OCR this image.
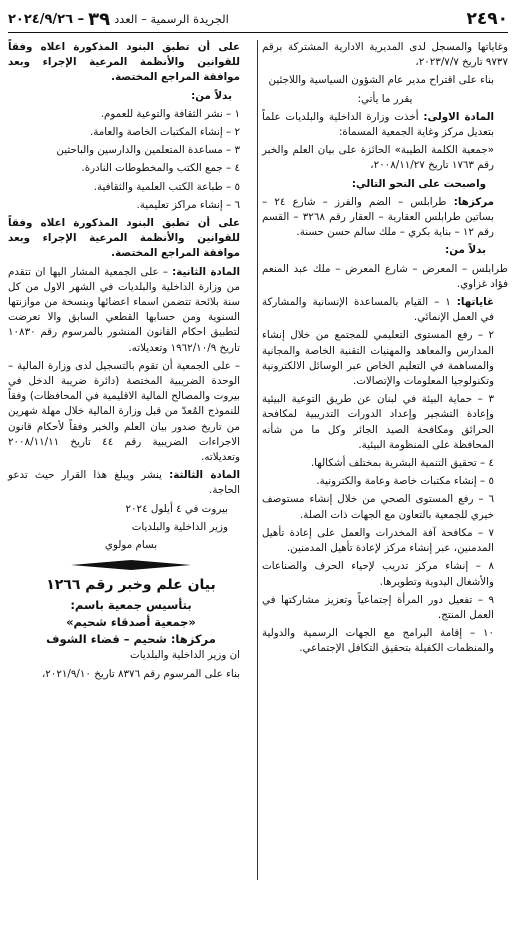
٢٤٩٠
الجريدة الرسمية – العدد
٣٩
– ٢٠٢٤/٩/٢٦

وغاياتها والمسجل لدى المديرية الادارية المشتركة برقم ٩٧٣٧ تاريخ ٢٠٢٣/٧/٧،

بناء على اقتراح مدير عام الشؤون السياسية واللاجئين

يقرر ما يأتي:

المادة الاولى: أخذت وزارة الداخلية والبلديات علماً بتعديل مركز وغاية الجمعية المسماة:

«جمعية الكلمة الطيبة» الحائزة على بيان العلم والخبر رقم ١٧٦٣ تاريخ ٢٠٠٨/١١/٢٧،

واصبحت على النحو التالي:

مركزها: طرابلس – الضم والفرز – شارع ٢٤ – بساتين طرابلس العقارية – العقار رقم ٣٢٦٨ – القسم رقم ١٢ – بناية بكري – ملك سالم حسن حسنة.

بدلاً من:

طرابلس – المعرض – شارع المعرض – ملك عبد المنعم فؤاد غزاوي.

غاياتها: ١ – القيام بالمساعدة الإنسانية والمشاركة في العمل الإنمائي.

٢ – رفع المستوى التعليمي للمجتمع من خلال إنشاء المدارس والمعاهد والمهنيات التقنية الخاصة والمجانية والمساهمة في التعليم الخاص عبر الوسائل الالكترونية وتكنولوجيا المعلومات والإتصالات.

٣ – حماية البيئة في لبنان عن طريق التوعية البيئية وإعادة التشجير وإعداد الدورات التدريبية لمكافحة الحرائق ومكافحة الصيد الجائر وكل ما من شأنه المحافظة على المنظومة البيئية.

٤ – تحقيق التنمية البشرية بمختلف أشكالها.

٥ – إنشاء مكتبات خاصة وعامة والكترونية.

٦ – رفع المستوى الصحي من خلال إنشاء مستوصف خيري للجمعية بالتعاون مع الجهات ذات الصلة.

٧ – مكافحة آفة المخدرات والعمل على إعادة تأهيل المدمنين، عبر إنشاء مركز لإعادة تأهيل المدمنين.

٨ – إنشاء مركز تدريب لإحياء الحرف والصناعات والأشغال اليدوية وتطويرها.

٩ – تفعيل دور المرأة إجتماعياً وتعزيز مشاركتها في العمل المنتج.

١٠ – إقامة البرامج مع الجهات الرسمية والدولية والمنظمات الكفيلة بتحقيق التكافل الإجتماعي.

على أن تطبق البنود المذكورة اعلاه وفقاً للقوانين والأنظمة المرعية الإجراء وبعد موافقة المراجع المختصة.

بدلاً من:

١ – نشر الثقافة والتوعية للعموم.

٢ – إنشاء المكتبات الخاصة والعامة.

٣ – مساعدة المتعلمين والدارسين والباحثين

٤ – جمع الكتب والمخطوطات النادرة.

٥ – طباعة الكتب العلمية والثقافية.

٦ – إنشاء مراكز تعليمية.

على أن تطبق البنود المذكورة اعلاه وفقاً للقوانين والأنظمة المرعية الإجراء وبعد موافقة المراجع المختصة.

المادة الثانية: – على الجمعية المشار اليها ان تتقدم من وزارة الداخلية والبلديات في الشهر الاول من كل سنة بلائحة تتضمن اسماء اعضائها وبنسخة من موازنتها السنوية ومن حسابها القطعي السابق والا تعرضت لتطبيق احكام القانون المنشور بالمرسوم رقم ١٠٨٣٠ تاريخ ١٩٦٢/١٠/٩ وتعديلاته.

– على الجمعية أن تقوم بالتسجيل لدى وزارة المالية – الوحدة الضريبية المختصة (دائرة ضريبة الدخل في بيروت والمصالح المالية الاقليمية في المحافظات) وفقاً للنموذج المُعدّ من قبل وزارة المالية خلال مهلة شهرين من تاريخ صدور بيان العلم والخبر وفقاً لأحكام قانون الاجراءات الضريبية رقم ٤٤ تاريخ ٢٠٠٨/١١/١١ وتعديلاته.

المادة الثالثة: ينشر ويبلغ هذا القرار حيث تدعو الحاجة.

بيروت في ٤ أيلول ٢٠٢٤

وزير الداخلية والبلديات

بسام مولوي

بيان علم وخبر رقم ١٢٦٦

بتأسيس جمعية باسم:

«جمعية أصدقاء شحيم»

مركزها: شحيم – قضاء الشوف

ان وزير الداخلية والبلديات

بناء على المرسوم رقم ٨٣٧٦ تاريخ ٢٠٢١/٩/١٠،
